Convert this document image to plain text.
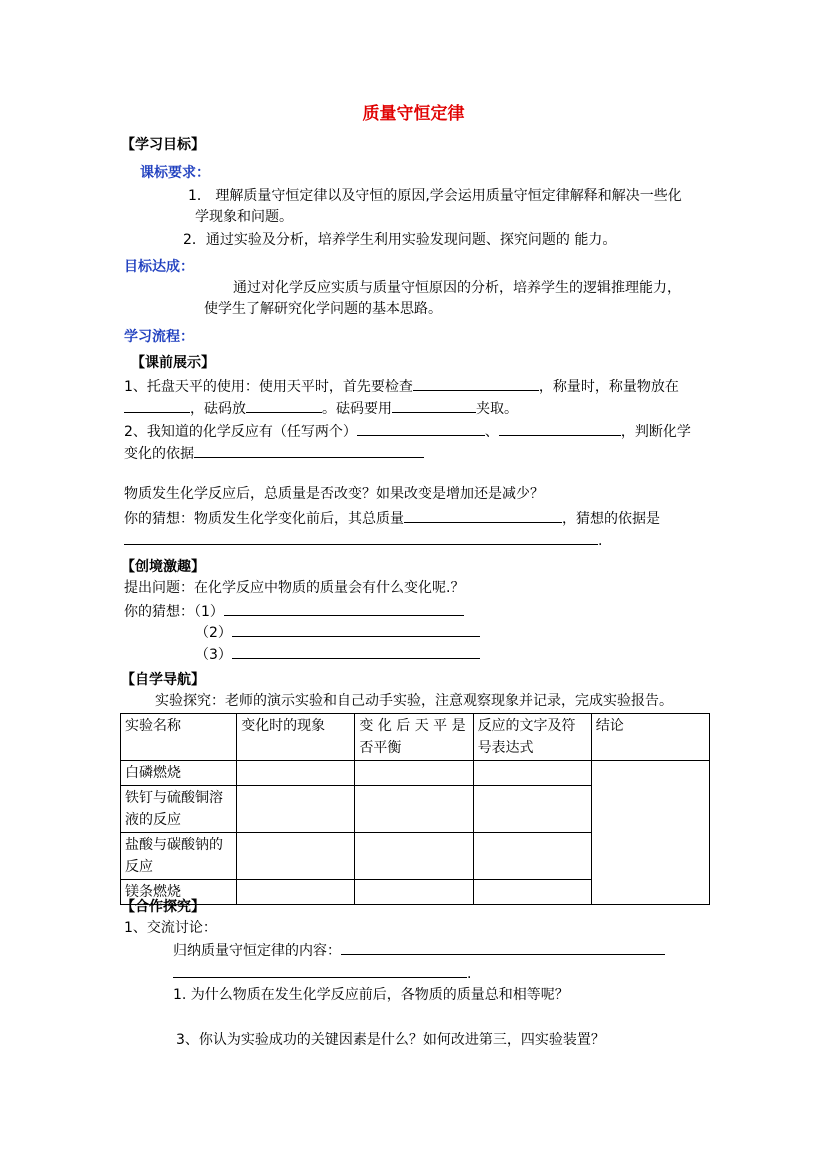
质量守恒定律
【学习目标】
课标要求：
1． 理解质量守恒定律以及守恒的原因,学会运用质量守恒定律解释和解决一些化
学现象和问题。
2．通过实验及分析，培养学生利用实验发现问题、探究问题的 能力。
目标达成：
通过对化学反应实质与质量守恒原因的分析，培养学生的逻辑推理能力，
使学生了解研究化学问题的基本思路。
学习流程：
【课前展示】
1、托盘天平的使用：使用天平时，首先要检查	，称量时，称量物放在
，砝码放	。砝码要用	夹取。
2、我知道的化学反应有（任写两个）	、	，判断化学
变化的依据
物质发生化学反应后，总质量是否改变？如果改变是增加还是减少？
你的猜想：物质发生化学变化前后，其总质量	，猜想的依据是
.
【创境激趣】
提出问题：在化学反应中物质的质量会有什么变化呢.？
你的猜想：（1）
（2）
（3）
【自学导航】
实验探究：老师的演示实验和自己动手实验，注意观察现象并记录，完成实验报告。
实验名称	变化时的现象	变 化 后 天 平 是否平衡	反应的文字及符号表达式	结论
白磷燃烧				
铁钉与硫酸铜溶液的反应				
盐酸与碳酸钠的反应				
镁条燃烧				
【合作探究】
1、交流讨论：
归纳质量守恒定律的内容：
.
1. 为什么物质在发生化学反应前后，各物质的质量总和相等呢？
3、你认为实验成功的关键因素是什么？如何改进第三，四实验装置？
